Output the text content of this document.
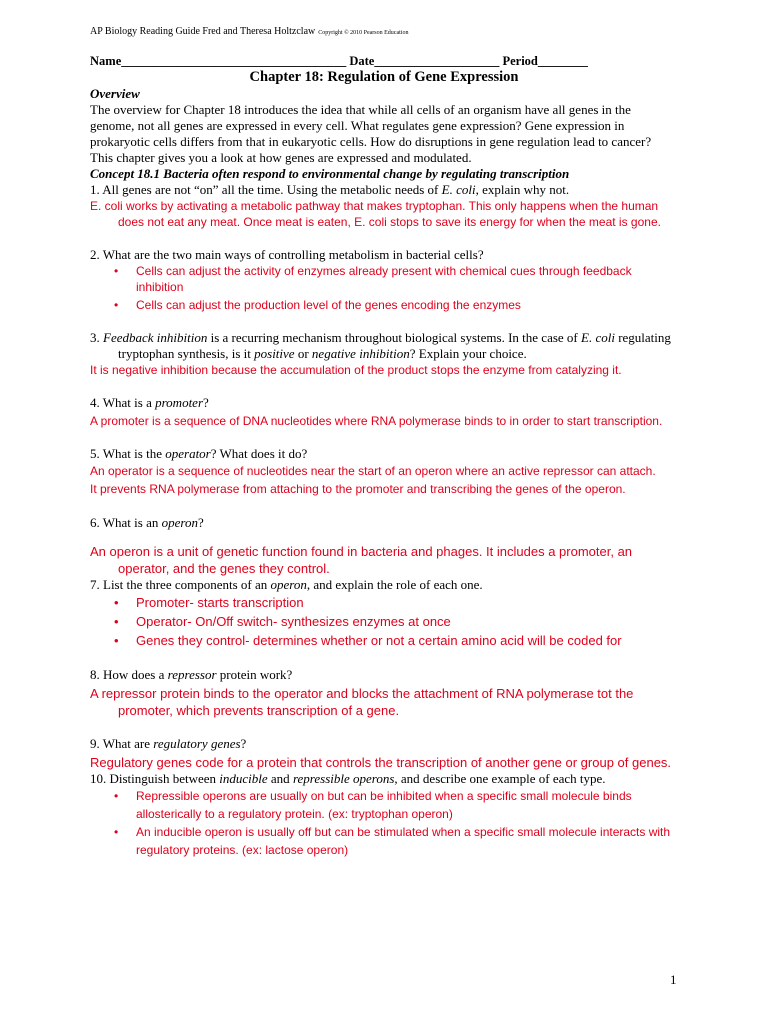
AP Biology Reading Guide Fred and Theresa Holtzclaw Copyright © 2010 Pearson Education
Name____________________________________ Date____________________ Period________
Chapter 18: Regulation of Gene Expression
Overview
The overview for Chapter 18 introduces the idea that while all cells of an organism have all genes in the genome, not all genes are expressed in every cell. What regulates gene expression? Gene expression in prokaryotic cells differs from that in eukaryotic cells. How do disruptions in gene regulation lead to cancer? This chapter gives you a look at how genes are expressed and modulated.
Concept 18.1 Bacteria often respond to environmental change by regulating transcription
1. All genes are not “on” all the time. Using the metabolic needs of E. coli, explain why not.
E. coli works by activating a metabolic pathway that makes tryptophan. This only happens when the human does not eat any meat. Once meat is eaten, E. coli stops to save its energy for when the meat is gone.
2. What are the two main ways of controlling metabolism in bacterial cells?
• Cells can adjust the activity of enzymes already present with chemical cues through feedback inhibition
• Cells can adjust the production level of the genes encoding the enzymes
3. Feedback inhibition is a recurring mechanism throughout biological systems. In the case of E. coli regulating tryptophan synthesis, is it positive or negative inhibition? Explain your choice.
It is negative inhibition because the accumulation of the product stops the enzyme from catalyzing it.
4. What is a promoter?
A promoter is a sequence of DNA nucleotides where RNA polymerase binds to in order to start transcription.
5. What is the operator? What does it do?
An operator is a sequence of nucleotides near the start of an operon where an active repressor can attach.
It prevents RNA polymerase from attaching to the promoter and transcribing the genes of the operon.
6. What is an operon?
An operon is a unit of genetic function found in bacteria and phages. It includes a promoter, an operator, and the genes they control.
7. List the three components of an operon, and explain the role of each one.
• Promoter- starts transcription
• Operator- On/Off switch- synthesizes enzymes at once
• Genes they control- determines whether or not a certain amino acid will be coded for
8. How does a repressor protein work?
A repressor protein binds to the operator and blocks the attachment of RNA polymerase tot the promoter, which prevents transcription of a gene.
9. What are regulatory genes?
Regulatory genes code for a protein that controls the transcription of another gene or group of genes.
10. Distinguish between inducible and repressible operons, and describe one example of each type.
• Repressible operons are usually on but can be inhibited when a specific small molecule binds allosterically to a regulatory protein. (ex: tryptophan operon)
• An inducible operon is usually off but can be stimulated when a specific small molecule interacts with regulatory proteins. (ex: lactose operon)
1
